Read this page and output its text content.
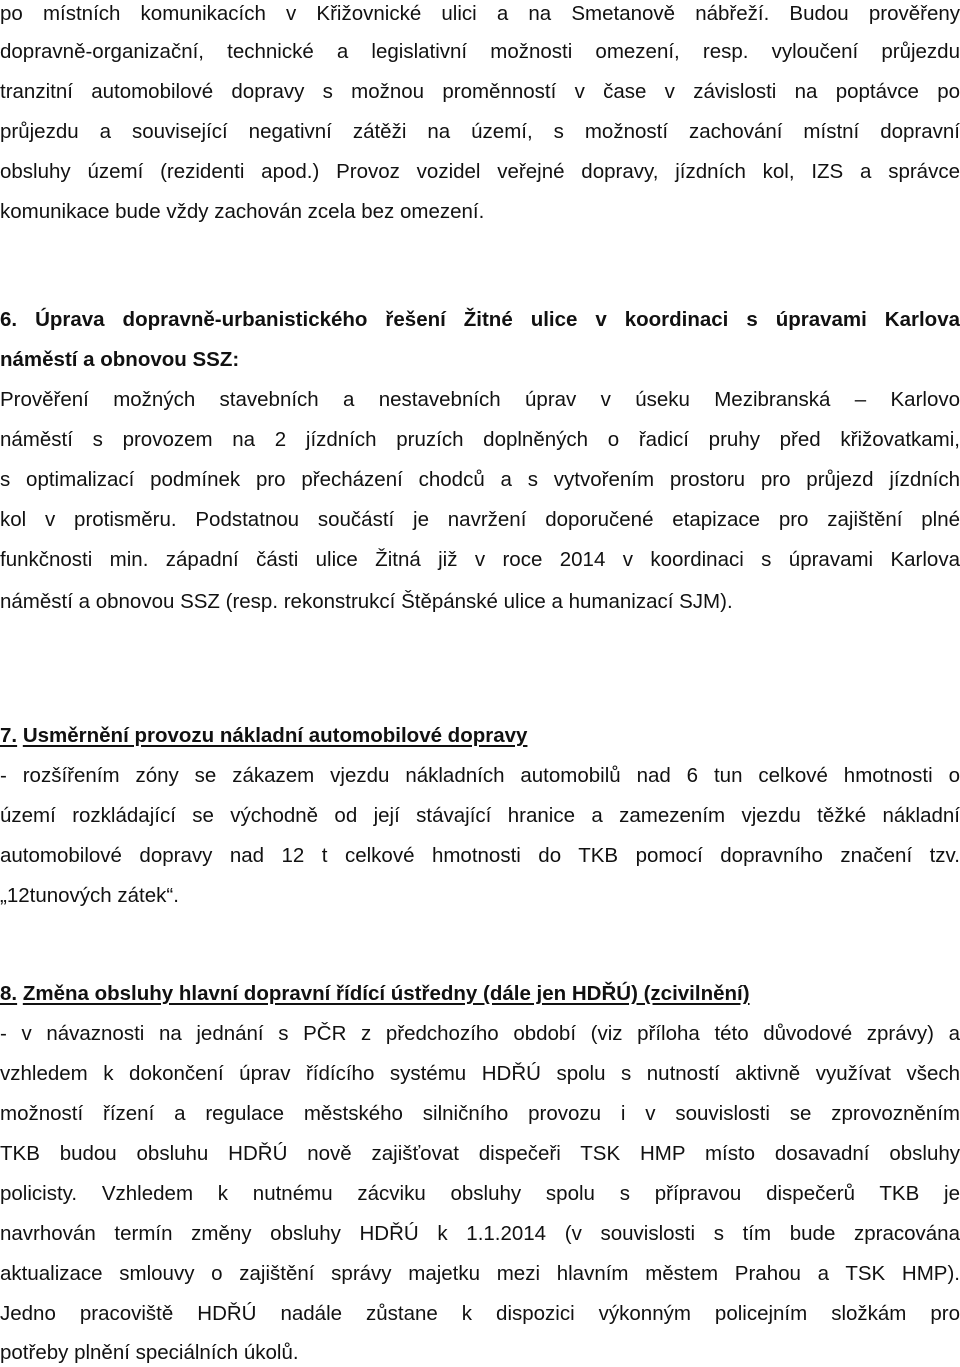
po místních komunikacích v Křižovnické ulici a na Smetanově nábřeží. Budou prověřeny
dopravně-organizační, technické a legislativní možnosti omezení, resp. vyloučení průjezdu
tranzitní automobilové dopravy s možnou proměnností v čase v závislosti na poptávce po
průjezdu a související negativní zátěži na území, s možností zachování místní dopravní
obsluhy území (rezidenti apod.) Provoz vozidel veřejné dopravy, jízdních kol, IZS a správce
komunikace bude vždy zachován zcela bez omezení.
6. Úprava dopravně-urbanistického řešení Žitné ulice v koordinaci s úpravami Karlova
náměstí a obnovou SSZ:
Prověření možných stavebních a nestavebních úprav v úseku Mezibranská – Karlovo
náměstí s provozem na 2 jízdních pruzích doplněných o řadicí pruhy před křižovatkami,
s optimalizací podmínek pro přecházení chodců a s vytvořením prostoru pro průjezd jízdních
kol v protisměru. Podstatnou součástí je navržení doporučené etapizace pro zajištění plné
funkčnosti min. západní části ulice Žitná již v roce 2014 v koordinaci s úpravami Karlova
náměstí a obnovou SSZ (resp. rekonstrukcí Štěpánské ulice a humanizací SJM).
7. Usměrnění provozu nákladní automobilové dopravy
- rozšířením zóny se zákazem vjezdu nákladních automobilů nad 6 tun celkové hmotnosti o
území rozkládající se východně od její stávající hranice a zamezením vjezdu těžké nákladní
automobilové dopravy nad 12 t celkové hmotnosti do TKB pomocí dopravního značení tzv.
„12tunových zátek“.
8. Změna obsluhy hlavní dopravní řídící ústředny (dále jen HDŘÚ) (zcivilnění)
- v návaznosti na jednání s PČR z předchozího období (viz příloha této důvodové zprávy) a
vzhledem k dokončení úprav řídícího systému HDŘÚ spolu s nutností aktivně využívat všech
možností řízení a regulace městského silničního provozu i v souvislosti se zprovozněním
TKB budou obsluhu HDŘÚ nově zajišťovat dispečeři TSK HMP místo dosavadní obsluhy
policisty. Vzhledem k nutnému zácviku obsluhy spolu s přípravou dispečerů TKB je
navrhován termín změny obsluhy HDŘÚ k 1.1.2014 (v souvislosti s tím bude zpracována
aktualizace smlouvy o zajištění správy majetku mezi hlavním městem Prahou a TSK HMP).
Jedno pracoviště HDŘÚ nadále zůstane k dispozici výkonným policejním složkám pro
potřeby plnění speciálních úkolů.
